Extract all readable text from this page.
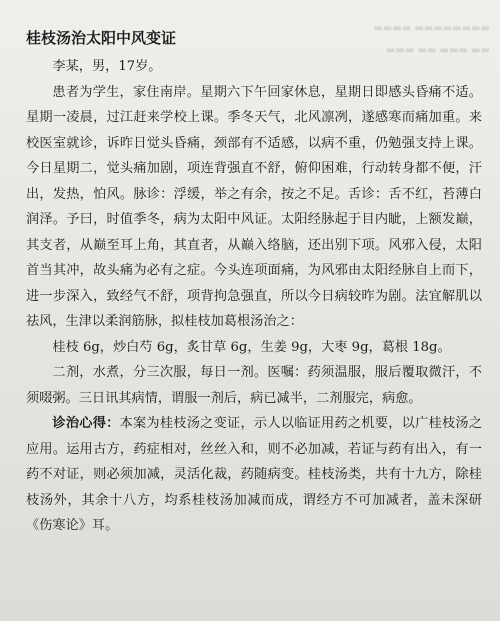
▬▬▬▬▬▬▬▬ ▬▬▬▬
▬▬ ▬▬▬ ▬▬ ▬▬▬
桂枝汤治太阳中风变证

李某，男，17岁。

患者为学生，家住南岸。星期六下午回家休息，星期日即感头昏痛不适。星期一凌晨，过江赶来学校上课。季冬天气，北风凛冽，遂感寒而痛加重。来校医室就诊，诉昨日觉头昏痛，颈部有不适感，以病不重，仍勉强支持上课。今日星期二，觉头痛加剧，项连背强直不舒，俯仰困难，行动转身都不便，汗出，发热，怕风。脉诊：浮缓，举之有余，按之不足。舌诊：舌不红，苔薄白润泽。予曰，时值季冬，病为太阳中风证。太阳经脉起于目内眦，上额发巅，其支者，从巅至耳上角，其直者，从巅入络脑，还出别下项。风邪入侵，太阳首当其冲，故头痛为必有之症。今头连项面痛，为风邪由太阳经脉自上而下，进一步深入，致经气不舒，项背拘急强直，所以今日病较昨为剧。法宜解肌以祛风，生津以柔润筋脉，拟桂枝加葛根汤治之：

桂枝 6g，炒白芍 6g，炙甘草 6g，生姜 9g，大枣 9g，葛根 18g。

二剂，水煮，分三次服，每日一剂。医嘱：药须温服，服后覆取微汗，不须啜粥。三日讯其病情，谓服一剂后，病已减半，二剂服完，病愈。

诊治心得：本案为桂枝汤之变证，示人以临证用药之机要，以广桂枝汤之应用。运用古方，药症相对，丝丝入和，则不必加减，若证与药有出入，有一药不对证，则必须加减，灵活化裁，药随病变。桂枝汤类，共有十九方，除桂枝汤外，其余十八方，均系桂枝汤加减而成，谓经方不可加减者，盖未深研《伤寒论》耳。
